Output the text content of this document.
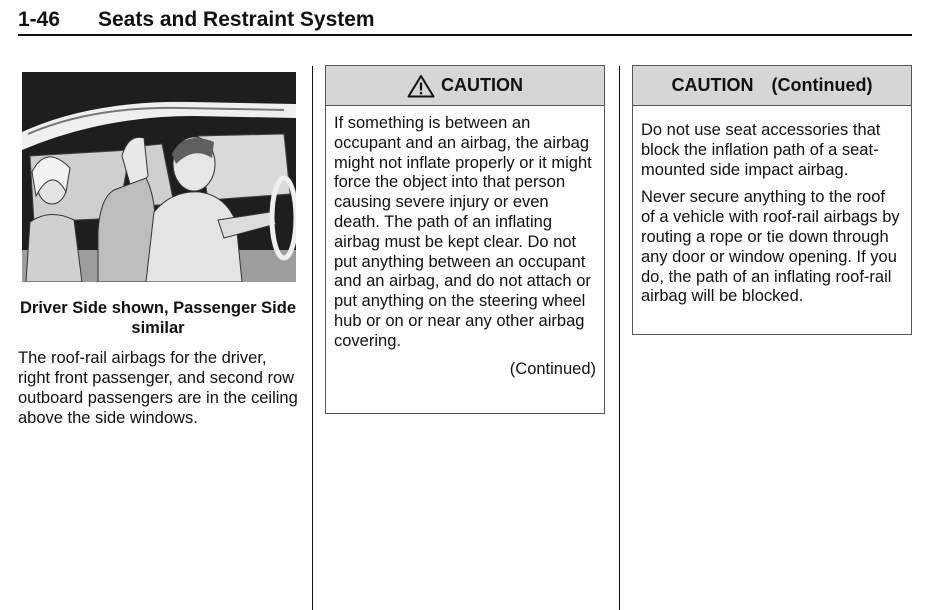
1-46 Seats and Restraint System
Driver Side shown, Passenger Side similar
The roof-rail airbags for the driver, right front passenger, and second row outboard passengers are in the ceiling above the side windows.
CAUTION

If something is between an occupant and an airbag, the airbag might not inflate properly or it might force the object into that person causing severe injury or even death. The path of an inflating airbag must be kept clear. Do not put anything between an occupant and an airbag, and do not attach or put anything on the steering wheel hub or on or near any other airbag covering.

(Continued)

CAUTION (Continued)

Do not use seat accessories that block the inflation path of a seat-mounted side impact airbag.

Never secure anything to the roof of a vehicle with roof-rail airbags by routing a rope or tie down through any door or window opening. If you do, the path of an inflating roof-rail airbag will be blocked.
